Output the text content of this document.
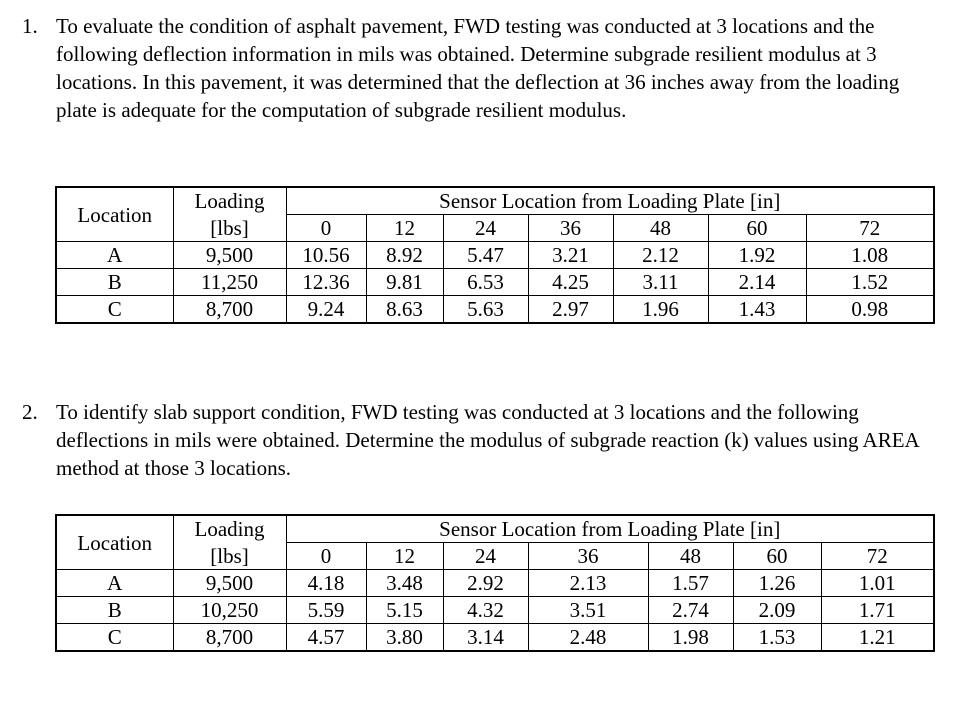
1. To evaluate the condition of asphalt pavement, FWD testing was conducted at 3 locations and the following deflection information in mils was obtained. Determine subgrade resilient modulus at 3 locations. In this pavement, it was determined that the deflection at 36 inches away from the loading plate is adequate for the computation of subgrade resilient modulus.
Location	Loading	Sensor Location from Loading Plate [in]						
	[lbs]	0	12	24	36	48	60	72
A	9,500	10.56	8.92	5.47	3.21	2.12	1.92	1.08
B	11,250	12.36	9.81	6.53	4.25	3.11	2.14	1.52
C	8,700	9.24	8.63	5.63	2.97	1.96	1.43	0.98
2. To identify slab support condition, FWD testing was conducted at 3 locations and the following deflections in mils were obtained. Determine the modulus of subgrade reaction (k) values using AREA method at those 3 locations.
Location	Loading	Sensor Location from Loading Plate [in]						
	[lbs]	0	12	24	36	48	60	72
A	9,500	4.18	3.48	2.92	2.13	1.57	1.26	1.01
B	10,250	5.59	5.15	4.32	3.51	2.74	2.09	1.71
C	8,700	4.57	3.80	3.14	2.48	1.98	1.53	1.21
